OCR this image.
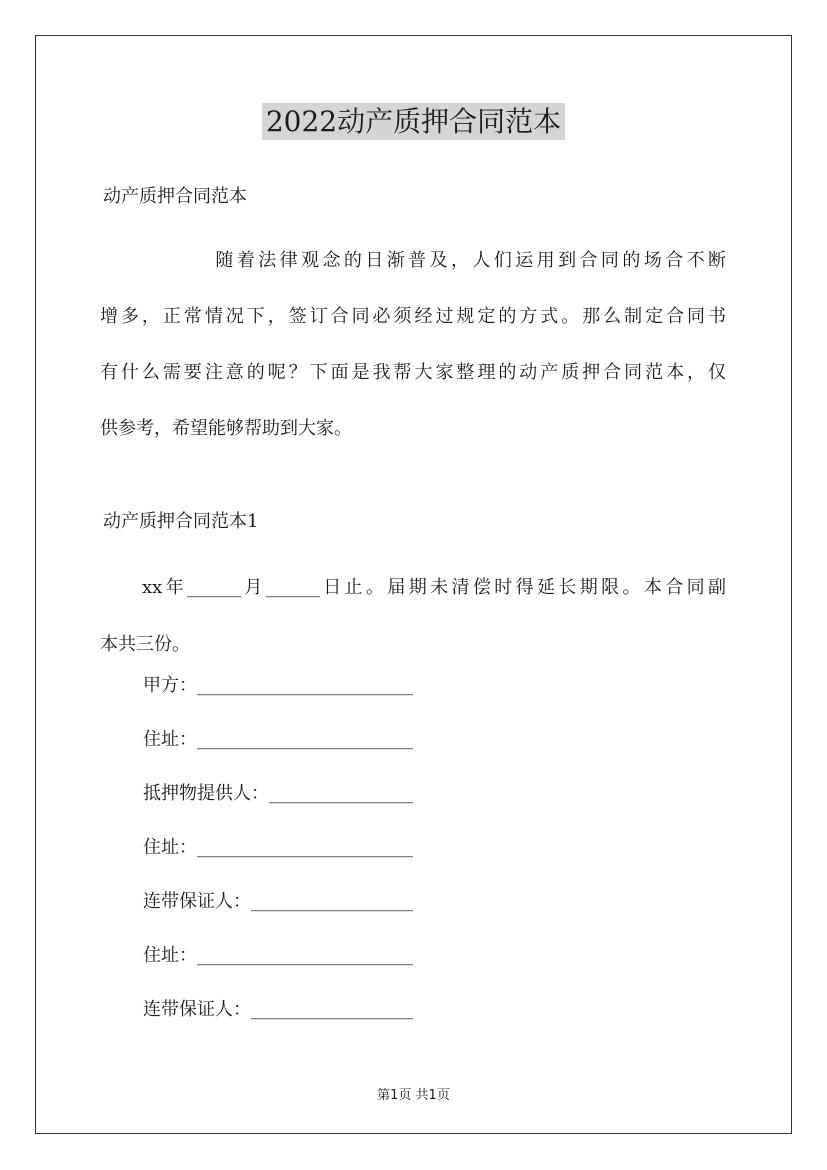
2022动产质押合同范本
动产质押合同范本
随着法律观念的日渐普及，人们运用到合同的场合不断
增多，正常情况下，签订合同必须经过规定的方式。那么制定合同书
有什么需要注意的呢？下面是我帮大家整理的动产质押合同范本，仅
供参考，希望能够帮助到大家。
动产质押合同范本1
xx年______月______日止。届期未清偿时得延长期限。本合同副
本共三份。
甲方：________________________
住址：________________________
抵押物提供人：________________
住址：________________________
连带保证人：__________________
住址：________________________
连带保证人：__________________
第1页 共1页
